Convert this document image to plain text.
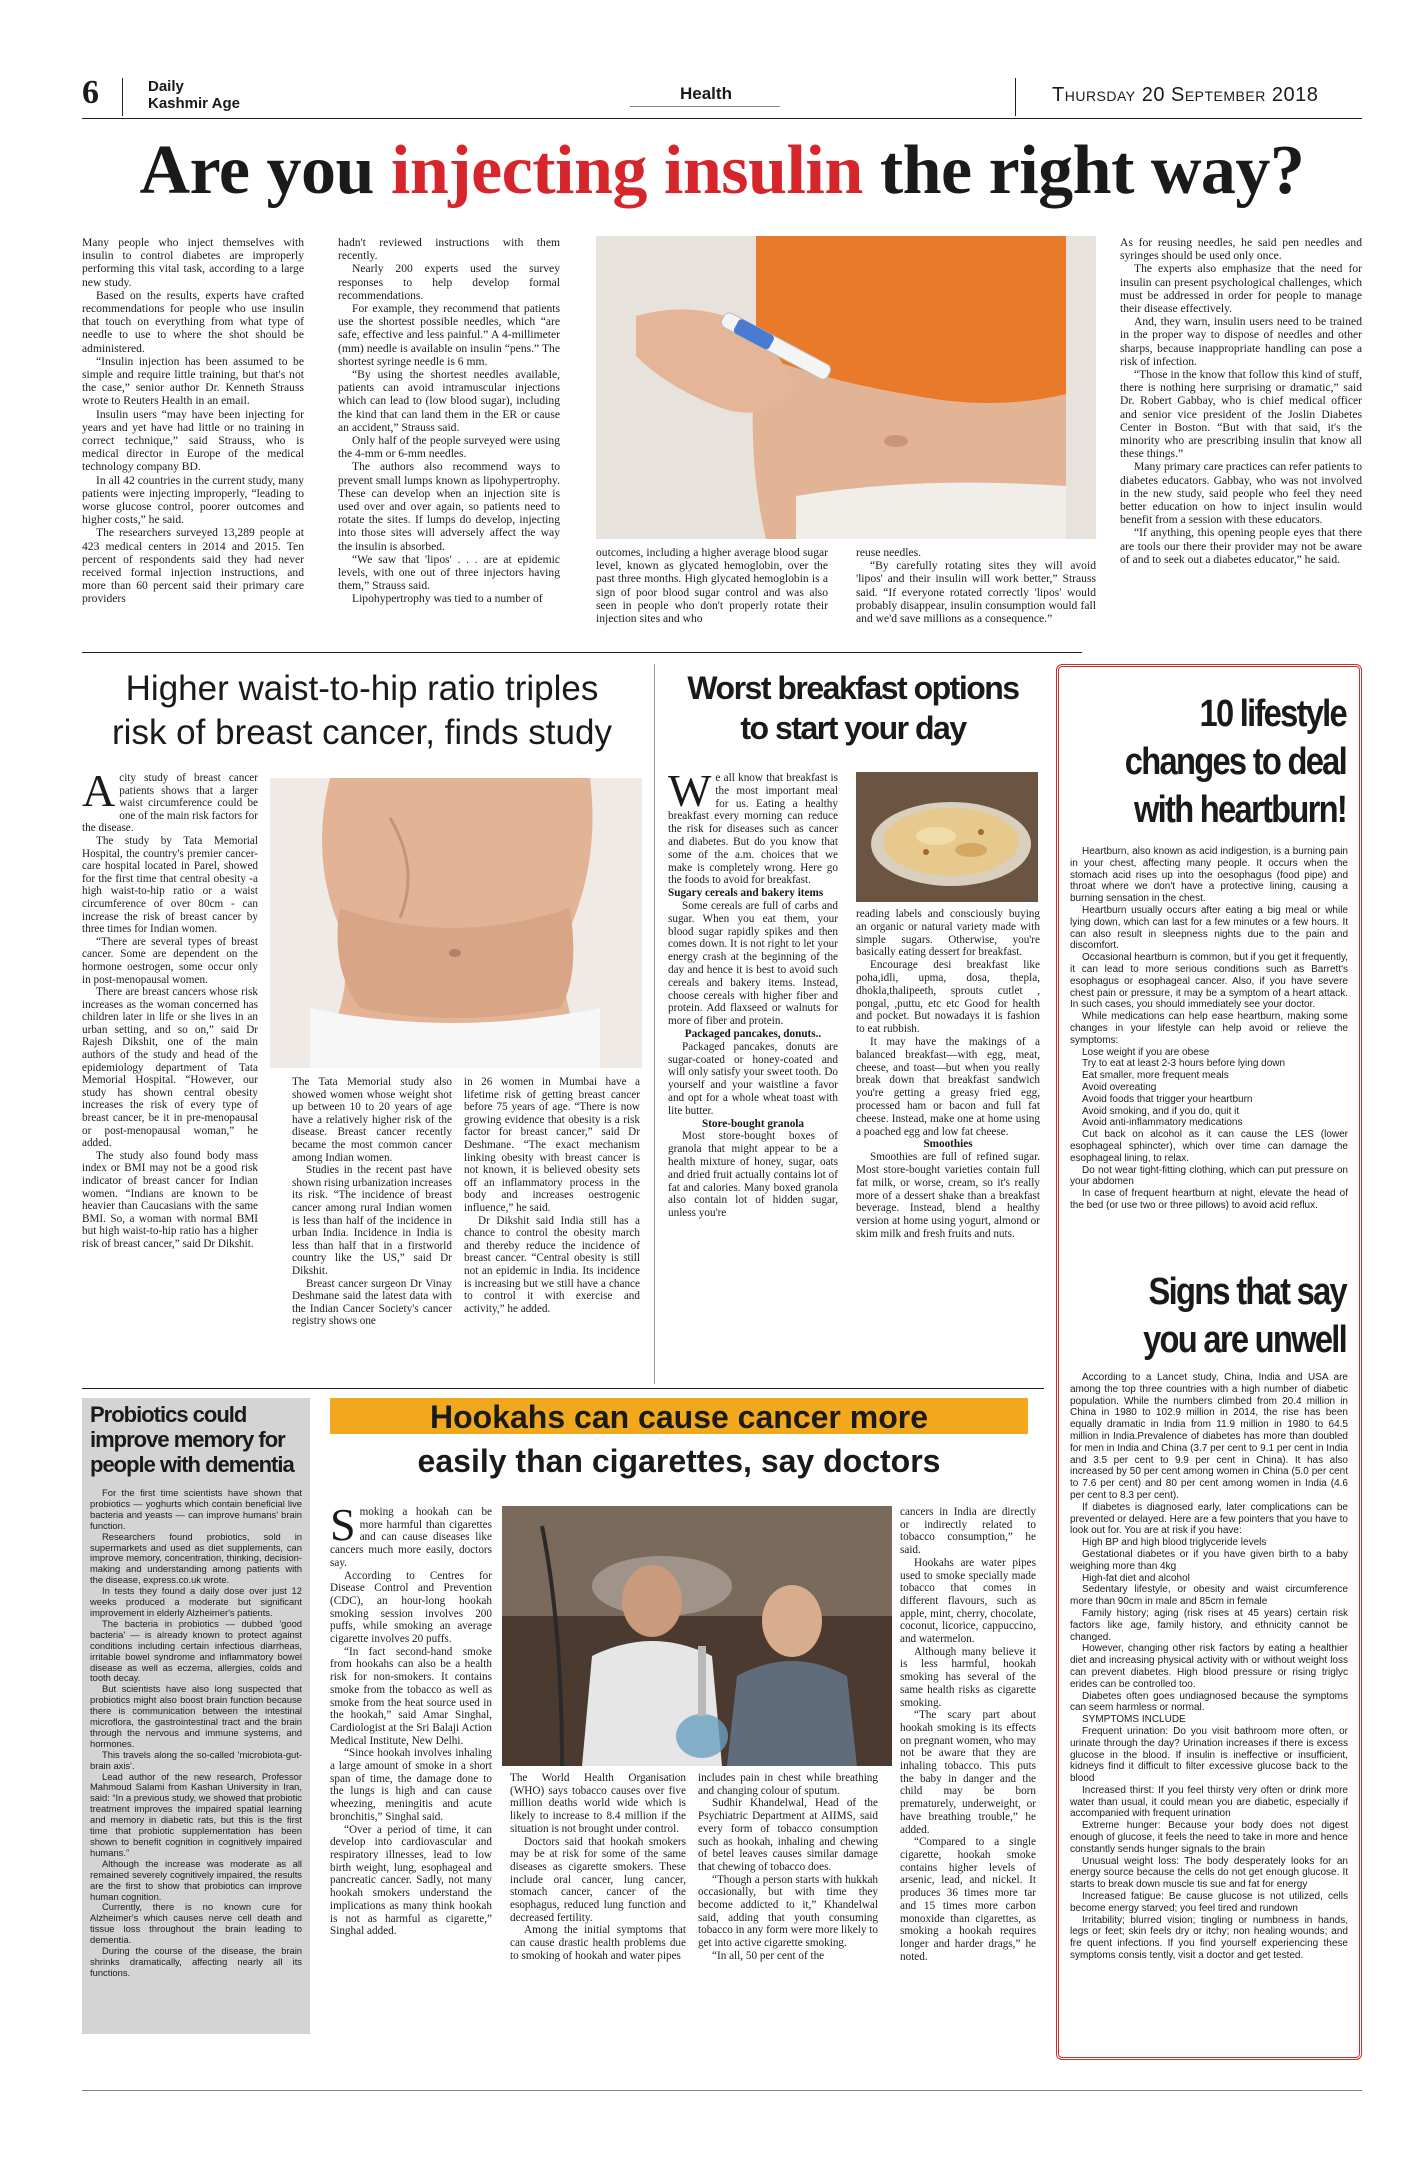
6	Daily
Kashmir Age
Health	Thursday 20 September 2018
Are you injecting insulin the right way?

Many people who inject themselves with insulin to control diabetes are improperly performing this vital task, according to a large new study.

Based on the results, experts have crafted recommendations for people who use insulin that touch on everything from what type of needle to use to where the shot should be administered.

“Insulin injection has been assumed to be simple and require little training, but that's not the case,” senior author Dr. Kenneth Strauss wrote to Reuters Health in an email.

Insulin users “may have been injecting for years and yet have had little or no training in correct technique,” said Strauss, who is medical director in Europe of the medical technology company BD.

In all 42 countries in the current study, many patients were injecting improperly, “leading to worse glucose control, poorer outcomes and higher costs,” he said.

The researchers surveyed 13,289 people at 423 medical centers in 2014 and 2015. Ten percent of respondents said they had never received formal injection instructions, and more than 60 percent said their primary care providers

hadn't reviewed instructions with them recently.

Nearly 200 experts used the survey responses to help develop formal recommendations.

For example, they recommend that patients use the shortest possible needles, which “are safe, effective and less painful.” A 4-millimeter (mm) needle is available on insulin “pens.” The shortest syringe needle is 6 mm.

“By using the shortest needles available, patients can avoid intramuscular injections which can lead to (low blood sugar), including the kind that can land them in the ER or cause an accident,” Strauss said.

Only half of the people surveyed were using the 4-mm or 6-mm needles.

The authors also recommend ways to prevent small lumps known as lipohypertrophy. These can develop when an injection site is used over and over again, so patients need to rotate the sites. If lumps do develop, injecting into those sites will adversely affect the way the insulin is absorbed.

“We saw that 'lipos' . . . are at epidemic levels, with one out of three injectors having them,” Strauss said.

Lipohypertrophy was tied to a number of

outcomes, including a higher average blood sugar level, known as glycated hemoglobin, over the past three months. High glycated hemoglobin is a sign of poor blood sugar control and was also seen in people who don't properly rotate their injection sites and who

reuse needles.

“By carefully rotating sites they will avoid 'lipos' and their insulin will work better,” Strauss said. “If everyone rotated correctly 'lipos' would probably disappear, insulin consumption would fall and we'd save millions as a consequence.”

As for reusing needles, he said pen needles and syringes should be used only once.

The experts also emphasize that the need for insulin can present psychological challenges, which must be addressed in order for people to manage their disease effectively.

And, they warn, insulin users need to be trained in the proper way to dispose of needles and other sharps, because inappropriate handling can pose a risk of infection.

“Those in the know that follow this kind of stuff, there is nothing here surprising or dramatic,” said Dr. Robert Gabbay, who is chief medical officer and senior vice president of the Joslin Diabetes Center in Boston. “But with that said, it's the minority who are prescribing insulin that know all these things.”

Many primary care practices can refer patients to diabetes educators. Gabbay, who was not involved in the new study, said people who feel they need better education on how to inject insulin would benefit from a session with these educators.

“If anything, this opening people eyes that there are tools our there their provider may not be aware of and to seek out a diabetes educator,” he said.

Higher waist-to-hip ratio triples
risk of breast cancer, finds study

Acity study of breast cancer patients shows that a larger waist circumference could be one of the main risk factors for the disease.

The study by Tata Memorial Hospital, the country's premier cancer-care hospital located in Parel, showed for the first time that central obesity -a high waist-to-hip ratio or a waist circumference of over 80cm - can increase the risk of breast cancer by three times for Indian women.

“There are several types of breast cancer. Some are dependent on the hormone oestrogen, some occur only in post-menopausal women.

There are breast cancers whose risk increases as the woman concerned has children later in life or she lives in an urban setting, and so on,” said Dr Rajesh Dikshit, one of the main authors of the study and head of the epidemiology department of Tata Memorial Hospital. “However, our study has shown central obesity increases the risk of every type of breast cancer, be it in pre-menopausal or post-menopausal woman,” he added.

The study also found body mass index or BMI may not be a good risk indicator of breast cancer for Indian women. “Indians are known to be heavier than Caucasians with the same BMI. So, a woman with normal BMI but high waist-to-hip ratio has a higher risk of breast cancer,” said Dr Dikshit.

The Tata Memorial study also showed women whose weight shot up between 10 to 20 years of age have a relatively higher risk of the disease. Breast cancer recently became the most common cancer among Indian women.

Studies in the recent past have shown rising urbanization increases its risk. “The incidence of breast cancer among rural Indian women is less than half of the incidence in urban India. Incidence in India is less than half that in a firstworld country like the US,” said Dr Dikshit.

Breast cancer surgeon Dr Vinay Deshmane said the latest data with the Indian Cancer Society's cancer registry shows one

in 26 women in Mumbai have a lifetime risk of getting breast cancer before 75 years of age. “There is now growing evidence that obesity is a risk factor for breast cancer,” said Dr Deshmane. “The exact mechanism linking obesity with breast cancer is not known, it is believed obesity sets off an inflammatory process in the body and increases oestrogenic influence,” he said.

Dr Dikshit said India still has a chance to control the obesity march and thereby reduce the incidence of breast cancer. “Central obesity is still not an epidemic in India. Its incidence is increasing but we still have a chance to control it with exercise and activity,” he added.

Worst breakfast options
to start your day

We all know that breakfast is the most important meal for us. Eating a healthy breakfast every morning can reduce the risk for diseases such as cancer and diabetes. But do you know that some of the a.m. choices that we make is completely wrong. Here go the foods to avoid for breakfast.

Sugary cereals and bakery items

Some cereals are full of carbs and sugar. When you eat them, your blood sugar rapidly spikes and then comes down. It is not right to let your energy crash at the beginning of the day and hence it is best to avoid such cereals and bakery items. Instead, choose cereals with higher fiber and protein. Add flaxseed or walnuts for more of fiber and protein.

Packaged pancakes, donuts..

Packaged pancakes, donuts are sugar-coated or honey-coated and will only satisfy your sweet tooth. Do yourself and your waistline a favor and opt for a whole wheat toast with lite butter.

Store-bought granola

Most store-bought boxes of granola that might appear to be a health mixture of honey, sugar, oats and dried fruit actually contains lot of fat and calories. Many boxed granola also contain lot of hidden sugar, unless you're

reading labels and consciously buying an organic or natural variety made with simple sugars. Otherwise, you're basically eating dessert for breakfast.

Encourage desi breakfast like poha,idli, upma, dosa, thepla, dhokla,thalipeeth, sprouts cutlet , pongal, ,puttu, etc etc Good for health and pocket. But nowadays it is fashion to eat rubbish.

It may have the makings of a balanced breakfast—with egg, meat, cheese, and toast—but when you really break down that breakfast sandwich you're getting a greasy fried egg, processed ham or bacon and full fat cheese. Instead, make one at home using a poached egg and low fat cheese.

Smoothies

Smoothies are full of refined sugar. Most store-bought varieties contain full fat milk, or worse, cream, so it's really more of a dessert shake than a breakfast beverage. Instead, blend a healthy version at home using yogurt, almond or skim milk and fresh fruits and nuts.

10 lifestyle changes to deal with heartburn!

Heartburn, also known as acid indigestion, is a burning pain in your chest, affecting many people. It occurs when the stomach acid rises up into the oesophagus (food pipe) and throat where we don't have a protective lining, causing a burning sensation in the chest.

Heartburn usually occurs after eating a big meal or while lying down, which can last for a few minutes or a few hours. It can also result in sleepness nights due to the pain and discomfort.

Occasional heartburn is common, but if you get it frequently, it can lead to more serious conditions such as Barrett's esophagus or esophageal cancer. Also, if you have severe chest pain or pressure, it may be a symptom of a heart attack. In such cases, you should immediately see your doctor.

While medications can help ease heartburn, making some changes in your lifestyle can help avoid or relieve the symptoms:

Lose weight if you are obese

Try to eat at least 2-3 hours before lying down

Eat smaller, more frequent meals

Avoid overeating

Avoid foods that trigger your heartburn

Avoid smoking, and if you do, quit it

Avoid anti-inflammatory medications

Cut back on alcohol as it can cause the LES (lower esophageal sphincter), which over time can damage the esophageal lining, to relax.

Do not wear tight-fitting clothing, which can put pressure on your abdomen

In case of frequent heartburn at night, elevate the head of the bed (or use two or three pillows) to avoid acid reflux.

Signs that say you are unwell

According to a Lancet study, China, India and USA are among the top three countries with a high number of diabetic population. While the numbers climbed from 20.4 million in China in 1980 to 102.9 million in 2014, the rise has been equally dramatic in India from 11.9 million in 1980 to 64.5 million in India.Prevalence of diabetes has more than doubled for men in India and China (3.7 per cent to 9.1 per cent in India and 3.5 per cent to 9.9 per cent in China). It has also increased by 50 per cent among women in China (5.0 per cent to 7.6 per cent) and 80 per cent among women in India (4.6 per cent to 8.3 per cent).

If diabetes is diagnosed early, later complications can be prevented or delayed. Here are a few pointers that you have to look out for. You are at risk if you have:

High BP and high blood triglyceride levels

Gestational diabetes or if you have given birth to a baby weighing more than 4kg

High-fat diet and alcohol

Sedentary lifestyle, or obesity and waist circumference more than 90cm in male and 85cm in female

Family history; aging (risk rises at 45 years) certain risk factors like age, family history, and ethnicity cannot be changed.

However, changing other risk factors by eating a healthier diet and increasing physical activity with or without weight loss can prevent diabetes. High blood pressure or rising triglyc erides can be controlled too.

Diabetes often goes undiagnosed because the symptoms can seem harmless or normal.

SYMPTOMS INCLUDE

Frequent urination: Do you visit bathroom more often, or urinate through the day? Urination increases if there is excess glucose in the blood. If insulin is ineffective or insufficient, kidneys find it difficult to filter excessive glucose back to the blood

Increased thirst: If you feel thirsty very often or drink more water than usual, it could mean you are diabetic, especially if accompanied with frequent urination

Extreme hunger: Because your body does not digest enough of glucose, it feels the need to take in more and hence constantly sends hunger signals to the brain

Unusual weight loss: The body desperately looks for an energy source because the cells do not get enough glucose. It starts to break down muscle tis sue and fat for energy

Increased fatigue: Be cause glucose is not utilized, cells become energy starved; you feel tired and rundown

Irritability; blurred vision; tingling or numbness in hands, legs or feet; skin feels dry or itchy; non healing wounds; and fre quent infections. If you find yourself experiencing these symptoms consis tently, visit a doctor and get tested.

Probiotics could improve memory for people with dementia

For the first time scientists have shown that probiotics — yoghurts which contain beneficial live bacteria and yeasts — can improve humans' brain function.

Researchers found probiotics, sold in supermarkets and used as diet supplements, can improve memory, concentration, thinking, decision-making and understanding among patients with the disease, express.co.uk wrote.

In tests they found a daily dose over just 12 weeks produced a moderate but significant improvement in elderly Alzheimer's patients.

The bacteria in probiotics — dubbed 'good bacteria' — is already known to protect against conditions including certain infectious diarrheas, irritable bowel syndrome and inflammatory bowel disease as well as eczema, allergies, colds and tooth decay.

But scientists have also long suspected that probiotics might also boost brain function because there is communication between the intestinal microflora, the gastrointestinal tract and the brain through the nervous and immune systems, and hormones.

This travels along the so-called 'microbiota-gut-brain axis'.

Lead author of the new research, Professor Mahmoud Salami from Kashan University in Iran, said: “In a previous study, we showed that probiotic treatment improves the impaired spatial learning and memory in diabetic rats, but this is the first time that probiotic supplementation has been shown to benefit cognition in cognitively impaired humans.”

Although the increase was moderate as all remained severely cognitively impaired, the results are the first to show that probiotics can improve human cognition.

Currently, there is no known cure for Alzheimer's which causes nerve cell death and tissue loss throughout the brain leading to dementia.

During the course of the disease, the brain shrinks dramatically, affecting nearly all its functions.

Hookahs can cause cancer more
easily than cigarettes, say doctors

Smoking a hookah can be more harmful than cigarettes and can cause diseases like cancers much more easily, doctors say.

According to Centres for Disease Control and Prevention (CDC), an hour-long hookah smoking session involves 200 puffs, while smoking an average cigarette involves 20 puffs.

“In fact second-hand smoke from hookahs can also be a health risk for non-smokers. It contains smoke from the tobacco as well as smoke from the heat source used in the hookah,” said Amar Singhal, Cardiologist at the Sri Balaji Action Medical Institute, New Delhi.

“Since hookah involves inhaling a large amount of smoke in a short span of time, the damage done to the lungs is high and can cause wheezing, meningitis and acute bronchitis,” Singhal said.

“Over a period of time, it can develop into cardiovascular and respiratory illnesses, lead to low birth weight, lung, esophageal and pancreatic cancer. Sadly, not many hookah smokers understand the implications as many think hookah is not as harmful as cigarette,” Singhal added.

The World Health Organisation (WHO) says tobacco causes over five million deaths world wide which is likely to increase to 8.4 million if the situation is not brought under control.

Doctors said that hookah smokers may be at risk for some of the same diseases as cigarette smokers. These include oral cancer, lung cancer, stomach cancer, cancer of the esophagus, reduced lung function and decreased fertility.

Among the initial symptoms that can cause drastic health problems due to smoking of hookah and water pipes

includes pain in chest while breathing and changing colour of sputum.

Sudhir Khandelwal, Head of the Psychiatric Department at AIIMS, said every form of tobacco consumption such as hookah, inhaling and chewing of betel leaves causes similar damage that chewing of tobacco does.

“Though a person starts with hukkah occasionally, but with time they become addicted to it,” Khandelwal said, adding that youth consuming tobacco in any form were more likely to get into active cigarette smoking.

“In all, 50 per cent of the

cancers in India are directly or indirectly related to tobacco consumption,” he said.

Hookahs are water pipes used to smoke specially made tobacco that comes in different flavours, such as apple, mint, cherry, chocolate, coconut, licorice, cappuccino, and watermelon.

Although many believe it is less harmful, hookah smoking has several of the same health risks as cigarette smoking.

“The scary part about hookah smoking is its effects on pregnant women, who may not be aware that they are inhaling tobacco. This puts the baby in danger and the child may be born prematurely, underweight, or have breathing trouble,” he added.

“Compared to a single cigarette, hookah smoke contains higher levels of arsenic, lead, and nickel. It produces 36 times more tar and 15 times more carbon monoxide than cigarettes, as smoking a hookah requires longer and harder drags,” he noted.
